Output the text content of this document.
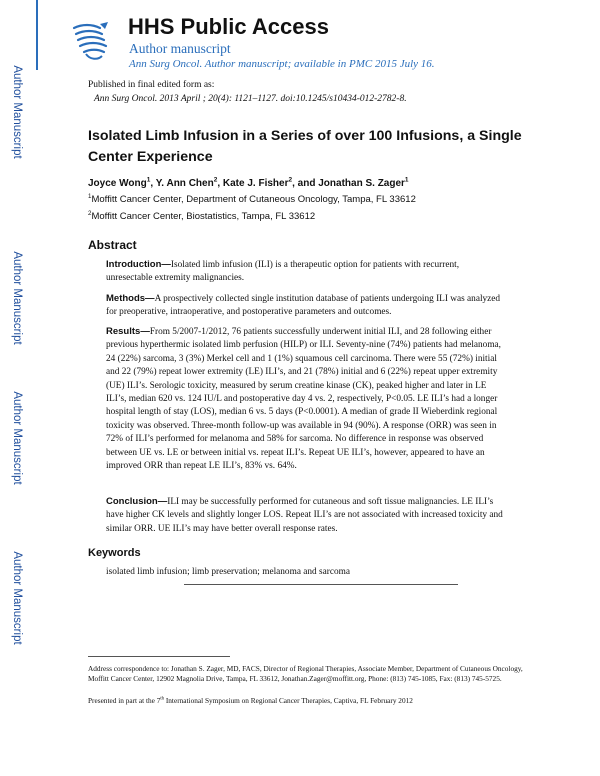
Author Manuscript
Author Manuscript
Author Manuscript
Author Manuscript
HHS Public Access
Author manuscript
Ann Surg Oncol. Author manuscript; available in PMC 2015 July 16.
Published in final edited form as:
Ann Surg Oncol. 2013 April ; 20(4): 1121–1127. doi:10.1245/s10434-012-2782-8.
Isolated Limb Infusion in a Series of over 100 Infusions, a Single Center Experience
Joyce Wong$^1$, Y. Ann Chen$^2$, Kate J. Fisher$^2$, and Jonathan S. Zager$^1$
$^1$Moffitt Cancer Center, Department of Cutaneous Oncology, Tampa, FL 33612
$^2$Moffitt Cancer Center, Biostatistics, Tampa, FL 33612
Abstract
Introduction—Isolated limb infusion (ILI) is a therapeutic option for patients with recurrent, unresectable extremity malignancies.
Methods—A prospectively collected single institution database of patients undergoing ILI was analyzed for preoperative, intraoperative, and postoperative parameters and outcomes.
Results—From 5/2007-1/2012, 76 patients successfully underwent initial ILI, and 28 following either previous hyperthermic isolated limb perfusion (HILP) or ILI. Seventy-nine (74%) patients had melanoma, 24 (22%) sarcoma, 3 (3%) Merkel cell and 1 (1%) squamous cell carcinoma. There were 55 (72%) initial and 22 (79%) repeat lower extremity (LE) ILI’s, and 21 (78%) initial and 6 (22%) repeat upper extremity (UE) ILI’s. Serologic toxicity, measured by serum creatine kinase (CK), peaked higher and later in LE ILI’s, median 620 vs. 124 IU/L and postoperative day 4 vs. 2, respectively, P<0.05. LE ILI’s had a longer hospital length of stay (LOS), median 6 vs. 5 days (P<0.0001). A median of grade II Wieberdink regional toxicity was observed. Three-month follow-up was available in 94 (90%). A response (ORR) was seen in 72% of ILI’s performed for melanoma and 58% for sarcoma. No difference in response was observed between UE vs. LE or between initial vs. repeat ILI’s. Repeat UE ILI’s, however, appeared to have an improved ORR than repeat LE ILI’s, 83% vs. 64%.
Conclusion—ILI may be successfully performed for cutaneous and soft tissue malignancies. LE ILI’s have higher CK levels and slightly longer LOS. Repeat ILI’s are not associated with increased toxicity and similar ORR. UE ILI’s may have better overall response rates.
Keywords
isolated limb infusion; limb preservation; melanoma and sarcoma
Address correspondence to: Jonathan S. Zager, MD, FACS, Director of Regional Therapies, Associate Member, Department of Cutaneous Oncology, Moffitt Cancer Center, 12902 Magnolia Drive, Tampa, FL 33612, Jonathan.Zager@moffitt.org, Phone: (813) 745-1085, Fax: (813) 745-5725.
Presented in part at the 7th International Symposium on Regional Cancer Therapies, Captiva, FL February 2012
